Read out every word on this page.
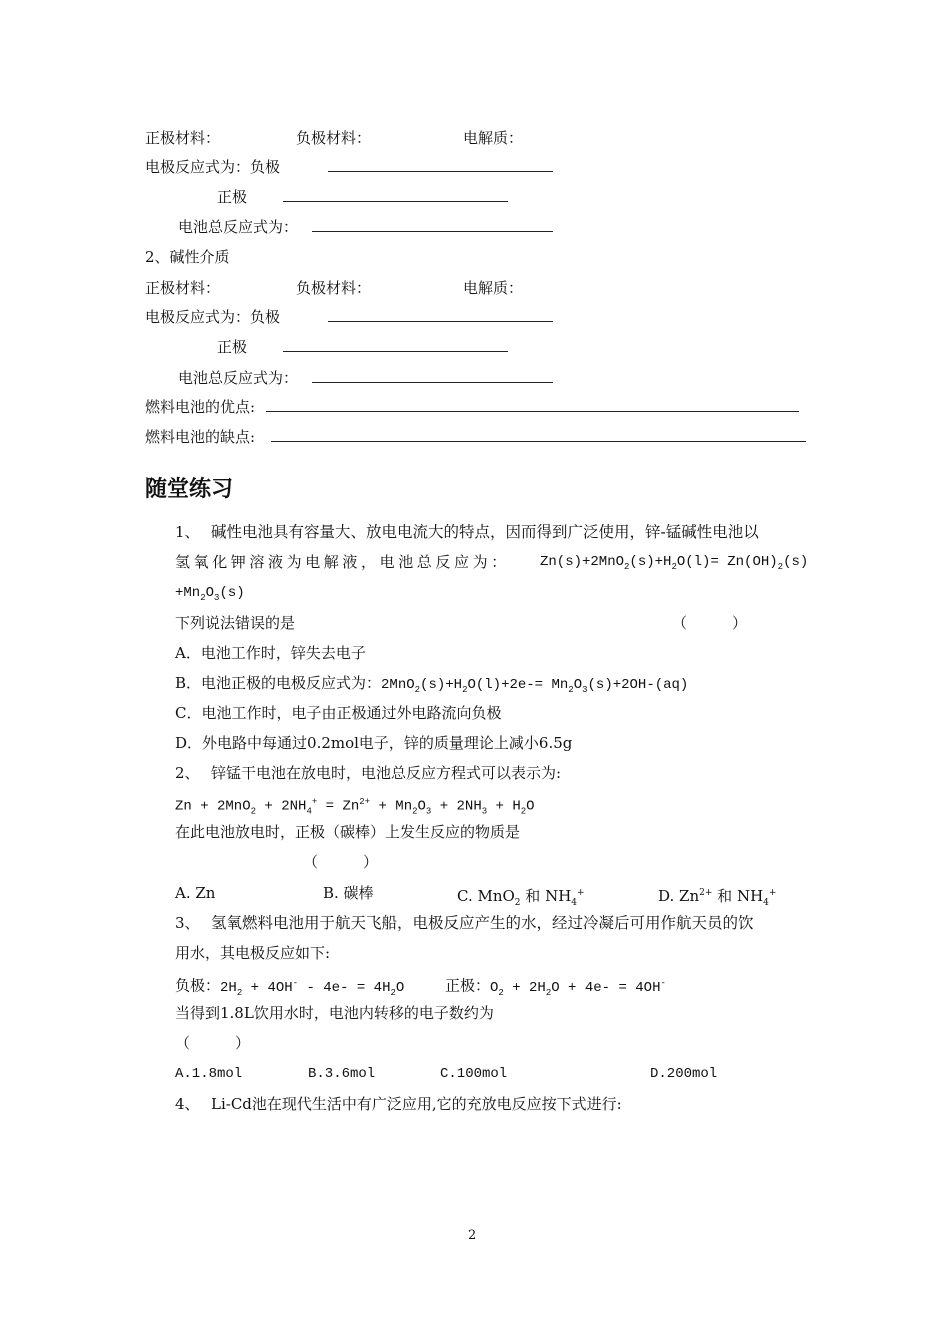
正极材料：	负极材料：	电解质：
电极反应式为：负极
正极
电池总反应式为：
2、碱性介质
正极材料：	负极材料：	电解质：
电极反应式为：负极
正极
电池总反应式为：
燃料电池的优点:
燃料电池的缺点:
随堂练习
1、 碱性电池具有容量大、放电电流大的特点，因而得到广泛使用，锌-锰碱性电池以
氢氧化钾溶液为电解液，电池总反应为： $Zn(s)+2MnO_2(s)+H_2O(l)= Zn(OH)_2(s)$
$+Mn_2O_3(s)$
下列说法错误的是	（　　　）
A．电池工作时，锌失去电子
B．电池正极的电极反应式为：$2MnO_2(s)+H_2O(l)+2e-= Mn_2O_3(s)+2OH-(aq)$
C．电池工作时，电子由正极通过外电路流向负极
D．外电路中每通过0.2mol电子，锌的质量理论上减小6.5g
2、 锌锰干电池在放电时，电池总反应方程式可以表示为:
$Zn + 2MnO_2 + 2NH_4^+ = Zn^{2+} + Mn_2O_3 + 2NH_3 + H_2O$
在此电池放电时，正极（碳棒）上发生反应的物质是
（　　　）
A. Zn	B. 碳棒	C. MnO$_2$ 和 $NH_4^+$	D. $Zn^{2+}$ 和 $NH_4^+$
3、 氢氧燃料电池用于航天飞船，电极反应产生的水，经过冷凝后可用作航天员的饮
用水，其电极反应如下:
负极：$2H_2 + 4OH^- - 4e- = 4H_2O$	正极：$O_2 + 2H_2O + 4e- = 4OH^-$
当得到1.8L饮用水时，电池内转移的电子数约为
（　　　）
A.1.8mol	B.3.6mol	C.100mol	D.200mol
4、 Li-Cd池在现代生活中有广泛应用,它的充放电反应按下式进行:
2
